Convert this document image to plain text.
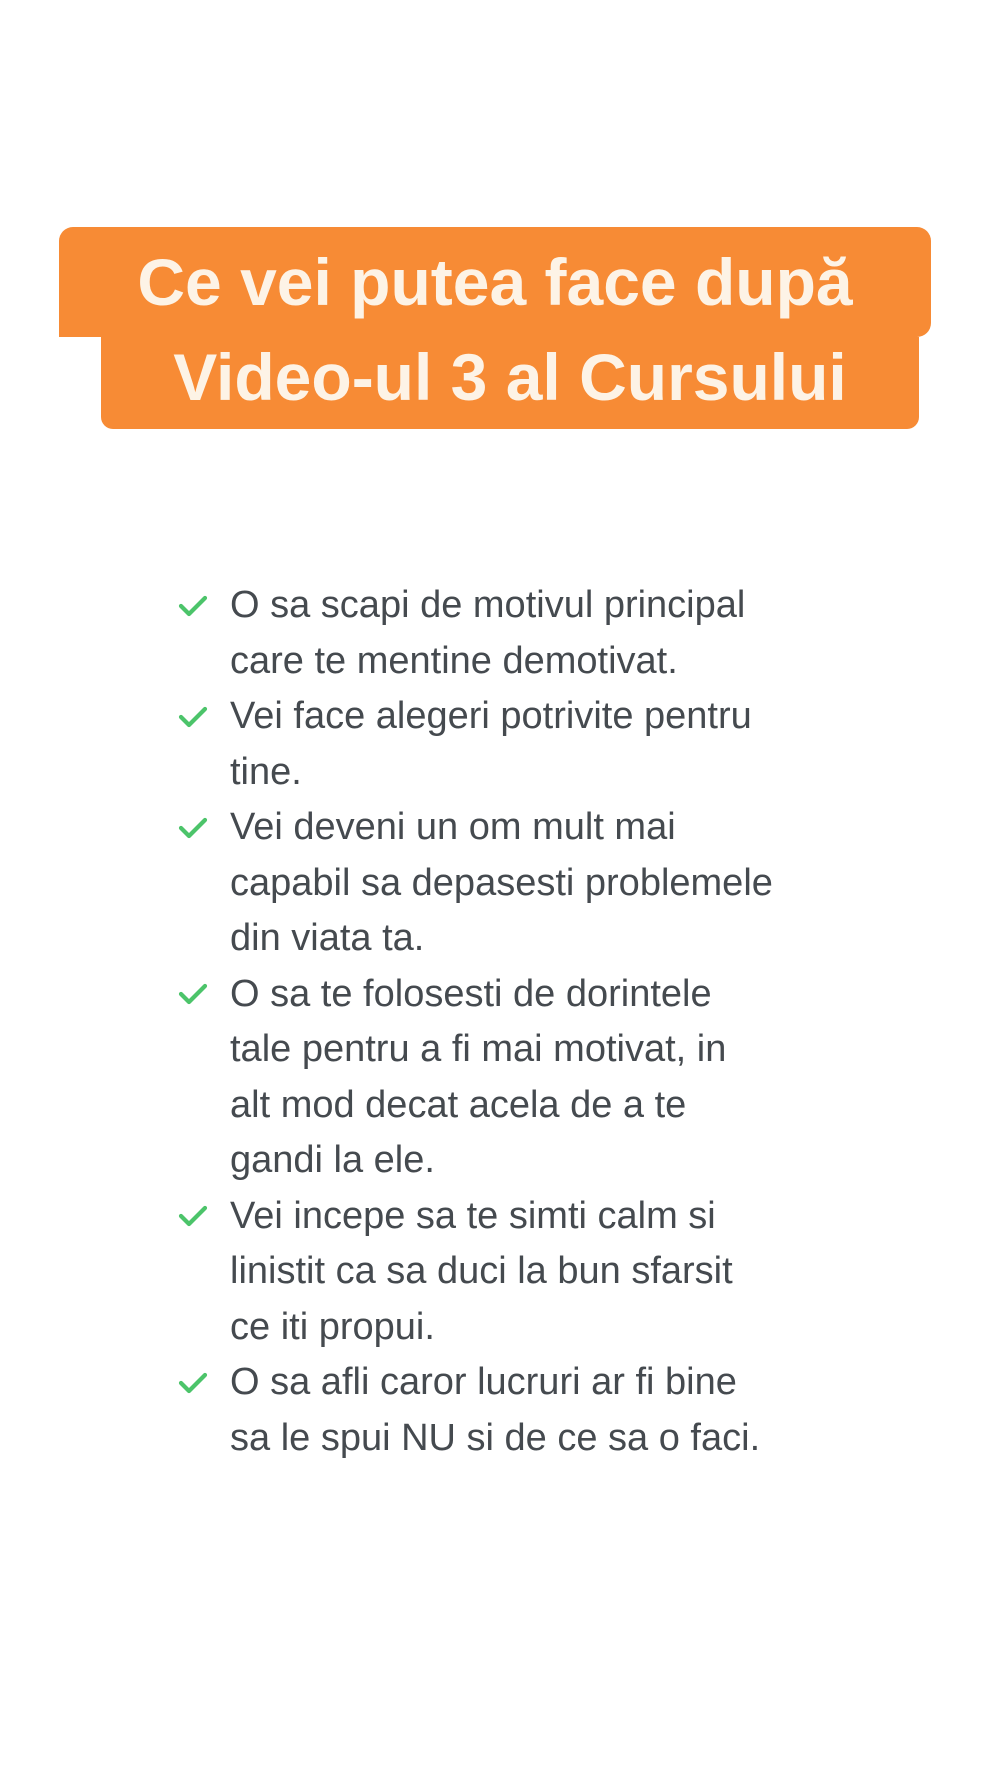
Ce vei putea face după
Video-ul 3 al Cursului
O sa scapi de motivul principal
care te mentine demotivat.
Vei face alegeri potrivite pentru
tine.
Vei deveni un om mult mai
capabil sa depasesti problemele
din viata ta.
O sa te folosesti de dorintele
tale pentru a fi mai motivat, in
alt mod decat acela de a te
gandi la ele.
Vei incepe sa te simti calm si
linistit ca sa duci la bun sfarsit
ce iti propui.
O sa afli caror lucruri ar fi bine
sa le spui NU si de ce sa o faci.
